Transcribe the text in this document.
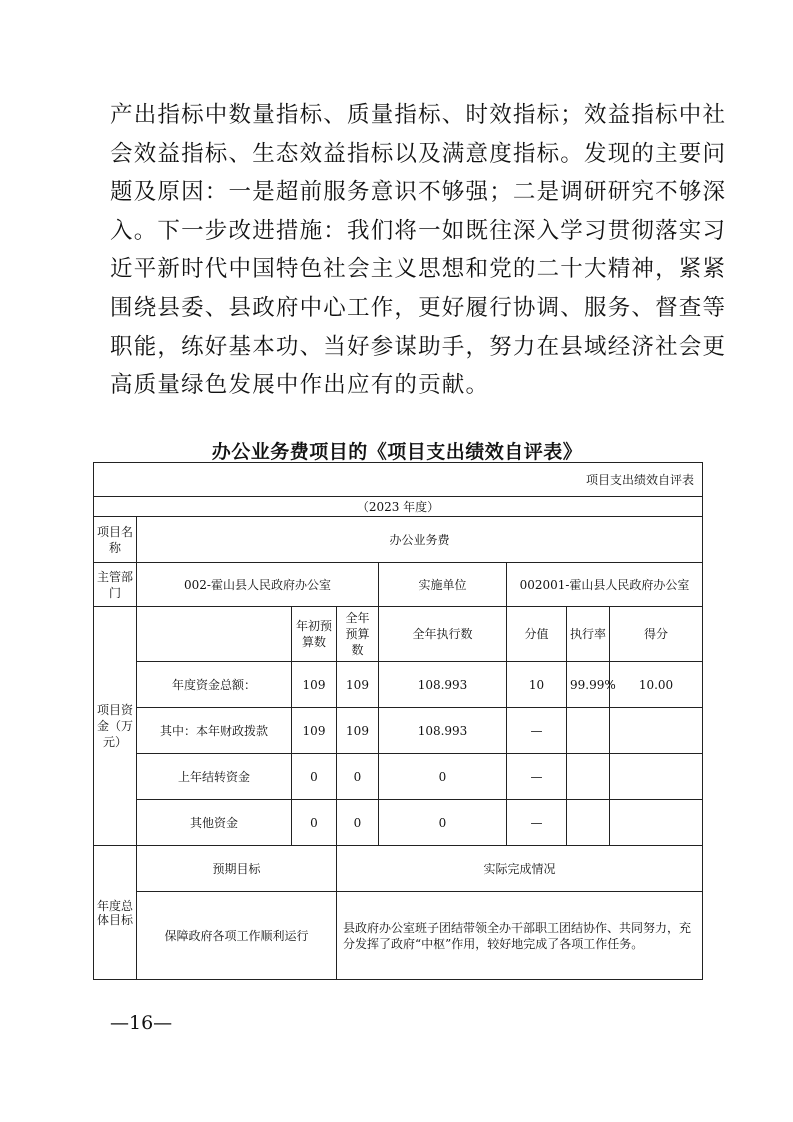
产出指标中数量指标、质量指标、时效指标；效益指标中社
会效益指标、生态效益指标以及满意度指标。发现的主要问
题及原因：一是超前服务意识不够强；二是调研研究不够深
入。下一步改进措施：我们将一如既往深入学习贯彻落实习
近平新时代中国特色社会主义思想和党的二十大精神，紧紧
围绕县委、县政府中心工作，更好履行协调、服务、督查等
职能，练好基本功、当好参谋助手，努力在县域经济社会更
高质量绿色发展中作出应有的贡献。
办公业务费项目的《项目支出绩效自评表》
项目支出绩效自评表							
（2023 年度）							
项目名称	办公业务费						
主管部门	002-霍山县人民政府办公室			实施单位	002001-霍山县人民政府办公室		
项目资金（万元）		年初预算数	全年预算数	全年执行数	分值	执行率	得分
	年度资金总额：	109	109	108.993	10	99.99%	10.00
	其中：本年财政拨款	109	109	108.993	—		
	上年结转资金	0	0	0	—		
	其他资金	0	0	0	—		
年度总体目标	预期目标		实际完成情况				
	保障政府各项工作顺利运行		县政府办公室班子团结带领全办干部职工团结协作、共同努力，充分发挥了政府“中枢”作用，较好地完成了各项工作任务。				
—16—
